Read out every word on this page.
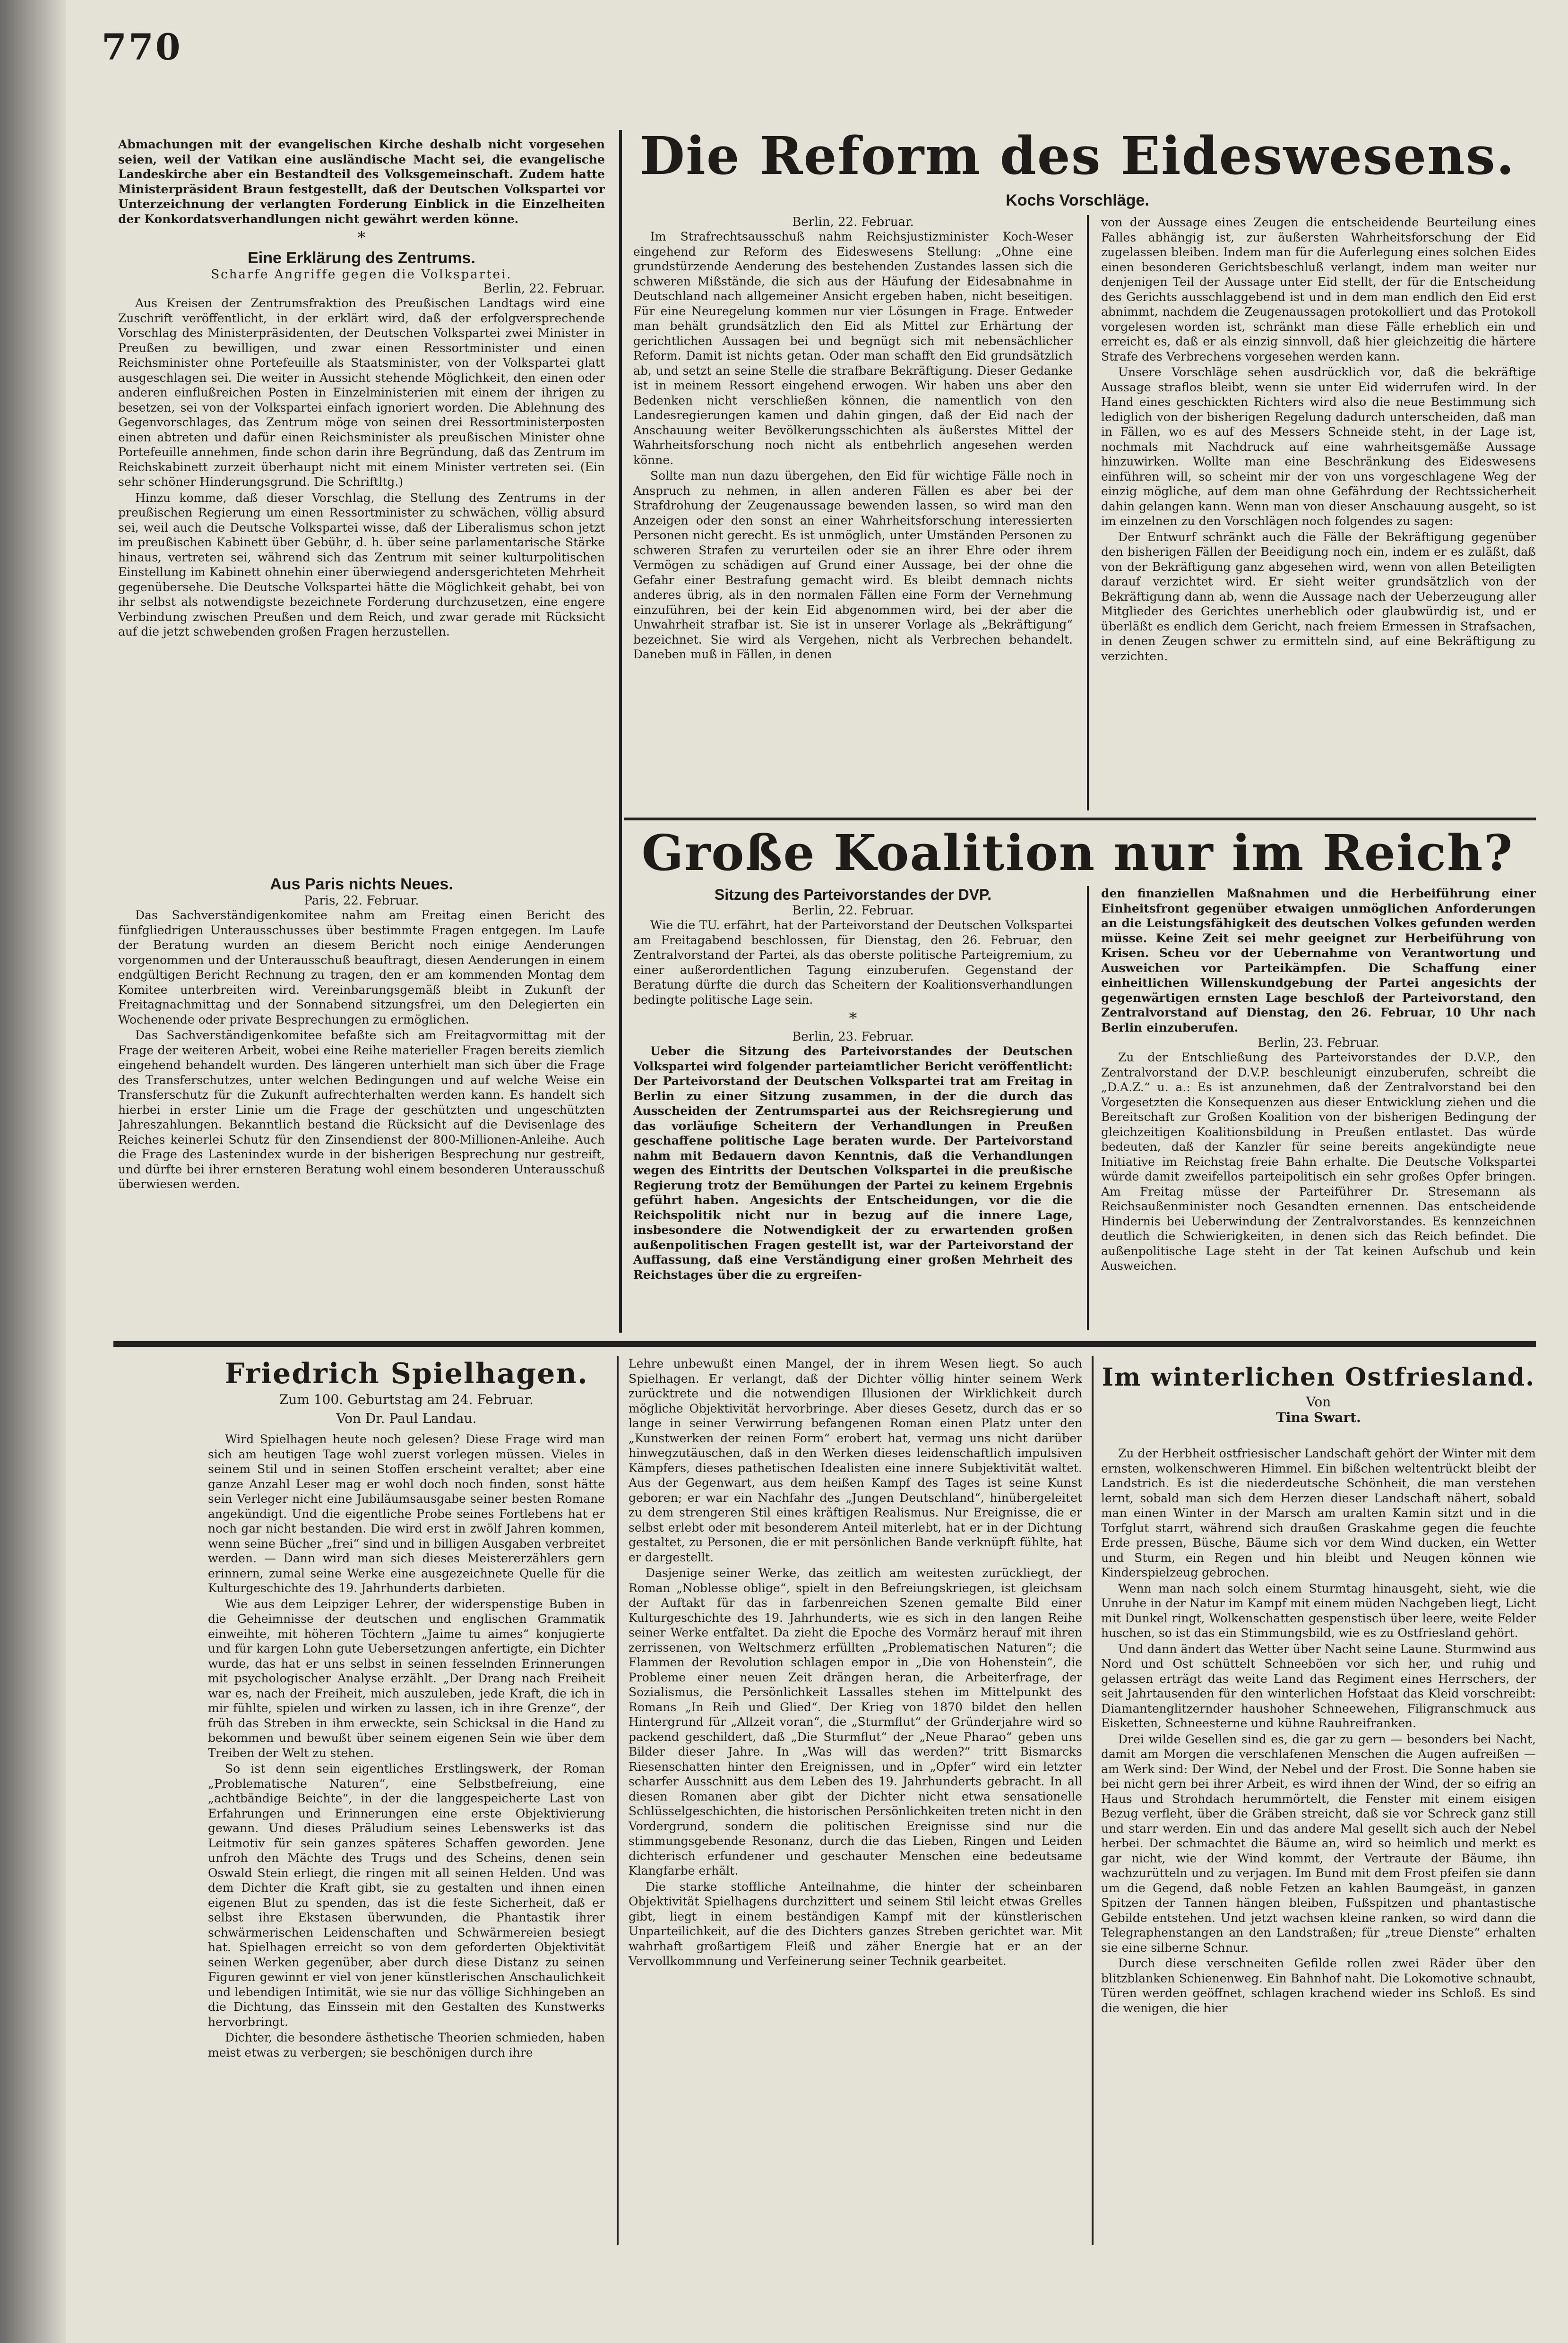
770

Abmachungen mit der evangelischen Kirche deshalb nicht vorgesehen seien, weil der Vatikan eine ausländische Macht sei, die evangelische Landeskirche aber ein Bestandteil des Volksgemeinschaft. Zudem hatte Ministerpräsident Braun festgestellt, daß der Deutschen Volkspartei vor Unterzeichnung der verlangten Forderung Einblick in die Einzelheiten der Konkordatsverhandlungen nicht gewährt werden könne.

*
Eine Erklärung des Zentrums.
Scharfe Angriffe gegen die Volkspartei.
Berlin, 22. Februar.

Aus Kreisen der Zentrumsfraktion des Preußischen Landtags wird eine Zuschrift veröffentlicht, in der erklärt wird, daß der erfolgversprechende Vorschlag des Ministerpräsidenten, der Deutschen Volkspartei zwei Minister in Preußen zu bewilligen, und zwar einen Ressortminister und einen Reichsminister ohne Portefeuille als Staatsminister, von der Volkspartei glatt ausgeschlagen sei. Die weiter in Aussicht stehende Möglichkeit, den einen oder anderen einflußreichen Posten in Einzelministerien mit einem der ihrigen zu besetzen, sei von der Volkspartei einfach ignoriert worden. Die Ablehnung des Gegenvorschlages, das Zentrum möge von seinen drei Ressortministerposten einen abtreten und dafür einen Reichsminister als preußischen Minister ohne Portefeuille annehmen, finde schon darin ihre Begründung, daß das Zentrum im Reichskabinett zurzeit überhaupt nicht mit einem Minister vertreten sei. (Ein sehr schöner Hinderungsgrund. Die Schriftltg.)

Hinzu komme, daß dieser Vorschlag, die Stellung des Zentrums in der preußischen Regierung um einen Ressortminister zu schwächen, völlig absurd sei, weil auch die Deutsche Volkspartei wisse, daß der Liberalismus schon jetzt im preußischen Kabinett über Gebühr, d. h. über seine parlamentarische Stärke hinaus, vertreten sei, während sich das Zentrum mit seiner kulturpolitischen Einstellung im Kabinett ohnehin einer überwiegend andersgerichteten Mehrheit gegenübersehe. Die Deutsche Volkspartei hätte die Möglichkeit gehabt, bei von ihr selbst als notwendigste bezeichnete Forderung durchzusetzen, eine engere Verbindung zwischen Preußen und dem Reich, und zwar gerade mit Rücksicht auf die jetzt schwebenden großen Fragen herzustellen.

Aus Paris nichts Neues.
Paris, 22. Februar.

Das Sachverständigenkomitee nahm am Freitag einen Bericht des fünfgliedrigen Unterausschusses über bestimmte Fragen entgegen. Im Laufe der Beratung wurden an diesem Bericht noch einige Aenderungen vorgenommen und der Unterausschuß beauftragt, diesen Aenderungen in einem endgültigen Bericht Rechnung zu tragen, den er am kommenden Montag dem Komitee unterbreiten wird. Vereinbarungsgemäß bleibt in Zukunft der Freitagnachmittag und der Sonnabend sitzungsfrei, um den Delegierten ein Wochenende oder private Besprechungen zu ermöglichen.

Das Sachverständigenkomitee befaßte sich am Freitagvormittag mit der Frage der weiteren Arbeit, wobei eine Reihe materieller Fragen bereits ziemlich eingehend behandelt wurden. Des längeren unterhielt man sich über die Frage des Transferschutzes, unter welchen Bedingungen und auf welche Weise ein Transferschutz für die Zukunft aufrechterhalten werden kann. Es handelt sich hierbei in erster Linie um die Frage der geschützten und ungeschützten Jahreszahlungen. Bekanntlich bestand die Rücksicht auf die Devisenlage des Reiches keinerlei Schutz für den Zinsendienst der 800-Millionen-Anleihe. Auch die Frage des Lastenindex wurde in der bisherigen Besprechung nur gestreift, und dürfte bei ihrer ernsteren Beratung wohl einem besonderen Unterausschuß überwiesen werden.

Die Reform des Eideswesens.
Kochs Vorschläge.
Berlin, 22. Februar.

Im Strafrechtsausschuß nahm Reichsjustizminister Koch-Weser eingehend zur Reform des Eideswesens Stellung: „Ohne eine grundstürzende Aenderung des bestehenden Zustandes lassen sich die schweren Mißstände, die sich aus der Häufung der Eidesabnahme in Deutschland nach allgemeiner Ansicht ergeben haben, nicht beseitigen. Für eine Neuregelung kommen nur vier Lösungen in Frage. Entweder man behält grundsätzlich den Eid als Mittel zur Erhärtung der gerichtlichen Aussagen bei und begnügt sich mit nebensächlicher Reform. Damit ist nichts getan. Oder man schafft den Eid grundsätzlich ab, und setzt an seine Stelle die strafbare Bekräftigung. Dieser Gedanke ist in meinem Ressort eingehend erwogen. Wir haben uns aber den Bedenken nicht verschließen können, die namentlich von den Landesregierungen kamen und dahin gingen, daß der Eid nach der Anschauung weiter Bevölkerungsschichten als äußerstes Mittel der Wahrheitsforschung noch nicht als entbehrlich angesehen werden könne.

Sollte man nun dazu übergehen, den Eid für wichtige Fälle noch in Anspruch zu nehmen, in allen anderen Fällen es aber bei der Strafdrohung der Zeugenaussage bewenden lassen, so wird man den Anzeigen oder den sonst an einer Wahrheitsforschung interessierten Personen nicht gerecht. Es ist unmöglich, unter Umständen Personen zu schweren Strafen zu verurteilen oder sie an ihrer Ehre oder ihrem Vermögen zu schädigen auf Grund einer Aussage, bei der ohne die Gefahr einer Bestrafung gemacht wird. Es bleibt demnach nichts anderes übrig, als in den normalen Fällen eine Form der Vernehmung einzuführen, bei der kein Eid abgenommen wird, bei der aber die Unwahrheit strafbar ist. Sie ist in unserer Vorlage als „Bekräftigung“ bezeichnet. Sie wird als Vergehen, nicht als Verbrechen behandelt. Daneben muß in Fällen, in denen

von der Aussage eines Zeugen die entscheidende Beurteilung eines Falles abhängig ist, zur äußersten Wahrheitsforschung der Eid zugelassen bleiben. Indem man für die Auferlegung eines solchen Eides einen besonderen Gerichtsbeschluß verlangt, indem man weiter nur denjenigen Teil der Aussage unter Eid stellt, der für die Entscheidung des Gerichts ausschlaggebend ist und in dem man endlich den Eid erst abnimmt, nachdem die Zeugenaussagen protokolliert und das Protokoll vorgelesen worden ist, schränkt man diese Fälle erheblich ein und erreicht es, daß er als einzig sinnvoll, daß hier gleichzeitig die härtere Strafe des Verbrechens vorgesehen werden kann.

Unsere Vorschläge sehen ausdrücklich vor, daß die bekräftige Aussage straflos bleibt, wenn sie unter Eid widerrufen wird. In der Hand eines geschickten Richters wird also die neue Bestimmung sich lediglich von der bisherigen Regelung dadurch unterscheiden, daß man in Fällen, wo es auf des Messers Schneide steht, in der Lage ist, nochmals mit Nachdruck auf eine wahrheitsgemäße Aussage hinzuwirken. Wollte man eine Beschränkung des Eideswesens einführen will, so scheint mir der von uns vorgeschlagene Weg der einzig mögliche, auf dem man ohne Gefährdung der Rechtssicherheit dahin gelangen kann. Wenn man von dieser Anschauung ausgeht, so ist im einzelnen zu den Vorschlägen noch folgendes zu sagen:

Der Entwurf schränkt auch die Fälle der Bekräftigung gegenüber den bisherigen Fällen der Beeidigung noch ein, indem er es zuläßt, daß von der Bekräftigung ganz abgesehen wird, wenn von allen Beteiligten darauf verzichtet wird. Er sieht weiter grundsätzlich von der Bekräftigung dann ab, wenn die Aussage nach der Ueberzeugung aller Mitglieder des Gerichtes unerheblich oder glaubwürdig ist, und er überläßt es endlich dem Gericht, nach freiem Ermessen in Strafsachen, in denen Zeugen schwer zu ermitteln sind, auf eine Bekräftigung zu verzichten.

Große Koalition nur im Reich?
Sitzung des Parteivorstandes der DVP.
Berlin, 22. Februar.

Wie die TU. erfährt, hat der Parteivorstand der Deutschen Volkspartei am Freitagabend beschlossen, für Dienstag, den 26. Februar, den Zentralvorstand der Partei, als das oberste politische Parteigremium, zu einer außerordentlichen Tagung einzuberufen. Gegenstand der Beratung dürfte die durch das Scheitern der Koalitionsverhandlungen bedingte politische Lage sein.

*
Berlin, 23. Februar.

Ueber die Sitzung des Parteivorstandes der Deutschen Volkspartei wird folgender parteiamtlicher Bericht veröffentlicht: Der Parteivorstand der Deutschen Volkspartei trat am Freitag in Berlin zu einer Sitzung zusammen, in der die durch das Ausscheiden der Zentrumspartei aus der Reichsregierung und das vorläufige Scheitern der Verhandlungen in Preußen geschaffene politische Lage beraten wurde. Der Parteivorstand nahm mit Bedauern davon Kenntnis, daß die Verhandlungen wegen des Eintritts der Deutschen Volkspartei in die preußische Regierung trotz der Bemühungen der Partei zu keinem Ergebnis geführt haben. Angesichts der Entscheidungen, vor die die Reichspolitik nicht nur in bezug auf die innere Lage, insbesondere die Notwendigkeit der zu erwartenden großen außenpolitischen Fragen gestellt ist, war der Parteivorstand der Auffassung, daß eine Verständigung einer großen Mehrheit des Reichstages über die zu ergreifen-

den finanziellen Maßnahmen und die Herbeiführung einer Einheitsfront gegenüber etwaigen unmöglichen Anforderungen an die Leistungsfähigkeit des deutschen Volkes gefunden werden müsse. Keine Zeit sei mehr geeignet zur Herbeiführung von Krisen. Scheu vor der Uebernahme von Verantwortung und Ausweichen vor Parteikämpfen. Die Schaffung einer einheitlichen Willenskundgebung der Partei angesichts der gegenwärtigen ernsten Lage beschloß der Parteivorstand, den Zentralvorstand auf Dienstag, den 26. Februar, 10 Uhr nach Berlin einzuberufen.

Berlin, 23. Februar.

Zu der Entschließung des Parteivorstandes der D.V.P., den Zentralvorstand der D.V.P. beschleunigt einzuberufen, schreibt die „D.A.Z.“ u. a.: Es ist anzunehmen, daß der Zentralvorstand bei den Vorgesetzten die Konsequenzen aus dieser Entwicklung ziehen und die Bereitschaft zur Großen Koalition von der bisherigen Bedingung der gleichzeitigen Koalitionsbildung in Preußen entlastet. Das würde bedeuten, daß der Kanzler für seine bereits angekündigte neue Initiative im Reichstag freie Bahn erhalte. Die Deutsche Volkspartei würde damit zweifellos parteipolitisch ein sehr großes Opfer bringen. Am Freitag müsse der Parteiführer Dr. Stresemann als Reichsaußenminister noch Gesandten ernennen. Das entscheidende Hindernis bei Ueberwindung der Zentralvorstandes. Es kennzeichnen deutlich die Schwierigkeiten, in denen sich das Reich befindet. Die außenpolitische Lage steht in der Tat keinen Aufschub und kein Ausweichen.

Friedrich Spielhagen.
Zum 100. Geburtstag am 24. Februar.
Von Dr. Paul Landau.

Wird Spielhagen heute noch gelesen? Diese Frage wird man sich am heutigen Tage wohl zuerst vorlegen müssen. Vieles in seinem Stil und in seinen Stoffen erscheint veraltet; aber eine ganze Anzahl Leser mag er wohl doch noch finden, sonst hätte sein Verleger nicht eine Jubiläumsausgabe seiner besten Romane angekündigt. Und die eigentliche Probe seines Fortlebens hat er noch gar nicht bestanden. Die wird erst in zwölf Jahren kommen, wenn seine Bücher „frei“ sind und in billigen Ausgaben verbreitet werden. — Dann wird man sich dieses Meistererzählers gern erinnern, zumal seine Werke eine ausgezeichnete Quelle für die Kulturgeschichte des 19. Jahrhunderts darbieten.

Wie aus dem Leipziger Lehrer, der widerspenstige Buben in die Geheimnisse der deutschen und englischen Grammatik einweihte, mit höheren Töchtern „Jaime tu aimes“ konjugierte und für kargen Lohn gute Uebersetzungen anfertigte, ein Dichter wurde, das hat er uns selbst in seinen fesselnden Erinnerungen mit psychologischer Analyse erzählt. „Der Drang nach Freiheit war es, nach der Freiheit, mich auszuleben, jede Kraft, die ich in mir fühlte, spielen und wirken zu lassen, ich in ihre Grenze“, der früh das Streben in ihm erweckte, sein Schicksal in die Hand zu bekommen und bewußt über seinem eigenen Sein wie über dem Treiben der Welt zu stehen.

So ist denn sein eigentliches Erstlingswerk, der Roman „Problematische Naturen“, eine Selbstbefreiung, eine „achtbändige Beichte“, in der die langgespeicherte Last von Erfahrungen und Erinnerungen eine erste Objektivierung gewann. Und dieses Präludium seines Lebenswerks ist das Leitmotiv für sein ganzes späteres Schaffen geworden. Jene unfroh den Mächte des Trugs und des Scheins, denen sein Oswald Stein erliegt, die ringen mit all seinen Helden. Und was dem Dichter die Kraft gibt, sie zu gestalten und ihnen einen eigenen Blut zu spenden, das ist die feste Sicherheit, daß er selbst ihre Ekstasen überwunden, die Phantastik ihrer schwärmerischen Leidenschaften und Schwärmereien besiegt hat. Spielhagen erreicht so von dem geforderten Objektivität seinen Werken gegenüber, aber durch diese Distanz zu seinen Figuren gewinnt er viel von jener künstlerischen Anschaulichkeit und lebendigen Intimität, wie sie nur das völlige Sichhingeben an die Dichtung, das Einssein mit den Gestalten des Kunstwerks hervorbringt.

Dichter, die besondere ästhetische Theorien schmieden, haben meist etwas zu verbergen; sie beschönigen durch ihre

Lehre unbewußt einen Mangel, der in ihrem Wesen liegt. So auch Spielhagen. Er verlangt, daß der Dichter völlig hinter seinem Werk zurücktrete und die notwendigen Illusionen der Wirklichkeit durch mögliche Objektivität hervorbringe. Aber dieses Gesetz, durch das er so lange in seiner Verwirrung befangenen Roman einen Platz unter den „Kunstwerken der reinen Form“ erobert hat, vermag uns nicht darüber hinwegzutäuschen, daß in den Werken dieses leidenschaftlich impulsiven Kämpfers, dieses pathetischen Idealisten eine innere Subjektivität waltet. Aus der Gegenwart, aus dem heißen Kampf des Tages ist seine Kunst geboren; er war ein Nachfahr des „Jungen Deutschland“, hinübergeleitet zu dem strengeren Stil eines kräftigen Realismus. Nur Ereignisse, die er selbst erlebt oder mit besonderem Anteil miterlebt, hat er in der Dichtung gestaltet, zu Personen, die er mit persönlichen Bande verknüpft fühlte, hat er dargestellt.

Dasjenige seiner Werke, das zeitlich am weitesten zurückliegt, der Roman „Noblesse oblige“, spielt in den Befreiungskriegen, ist gleichsam der Auftakt für das in farbenreichen Szenen gemalte Bild einer Kulturgeschichte des 19. Jahrhunderts, wie es sich in den langen Reihe seiner Werke entfaltet. Da zieht die Epoche des Vormärz herauf mit ihren zerrissenen, von Weltschmerz erfüllten „Problematischen Naturen“; die Flammen der Revolution schlagen empor in „Die von Hohenstein“, die Probleme einer neuen Zeit drängen heran, die Arbeiterfrage, der Sozialismus, die Persönlichkeit Lassalles stehen im Mittelpunkt des Romans „In Reih und Glied“. Der Krieg von 1870 bildet den hellen Hintergrund für „Allzeit voran“, die „Sturmflut“ der Gründerjahre wird so packend geschildert, daß „Die Sturmflut“ der „Neue Pharao“ geben uns Bilder dieser Jahre. In „Was will das werden?“ tritt Bismarcks Riesenschatten hinter den Ereignissen, und in „Opfer“ wird ein letzter scharfer Ausschnitt aus dem Leben des 19. Jahrhunderts gebracht. In all diesen Romanen aber gibt der Dichter nicht etwa sensationelle Schlüsselgeschichten, die historischen Persönlichkeiten treten nicht in den Vordergrund, sondern die politischen Ereignisse sind nur die stimmungsgebende Resonanz, durch die das Lieben, Ringen und Leiden dichterisch erfundener und geschauter Menschen eine bedeutsame Klangfarbe erhält.

Die starke stoffliche Anteilnahme, die hinter der scheinbaren Objektivität Spielhagens durchzittert und seinem Stil leicht etwas Grelles gibt, liegt in einem beständigen Kampf mit der künstlerischen Unparteilichkeit, auf die des Dichters ganzes Streben gerichtet war. Mit wahrhaft großartigem Fleiß und zäher Energie hat er an der Vervollkommnung und Verfeinerung seiner Technik gearbeitet.

Im winterlichen Ostfriesland.
Von
Tina Swart.

Zu der Herbheit ostfriesischer Landschaft gehört der Winter mit dem ernsten, wolkenschweren Himmel. Ein bißchen weltentrückt bleibt der Landstrich. Es ist die niederdeutsche Schönheit, die man verstehen lernt, sobald man sich dem Herzen dieser Landschaft nähert, sobald man einen Winter in der Marsch am uralten Kamin sitzt und in die Torfglut starrt, während sich draußen Graskahme gegen die feuchte Erde pressen, Büsche, Bäume sich vor dem Wind ducken, ein Wetter und Sturm, ein Regen und hin bleibt und Neugen können wie Kinderspielzeug gebrochen.

Wenn man nach solch einem Sturmtag hinausgeht, sieht, wie die Unruhe in der Natur im Kampf mit einem müden Nachgeben liegt, Licht mit Dunkel ringt, Wolkenschatten gespenstisch über leere, weite Felder huschen, so ist das ein Stimmungsbild, wie es zu Ostfriesland gehört.

Und dann ändert das Wetter über Nacht seine Laune. Sturmwind aus Nord und Ost schüttelt Schneeböen vor sich her, und ruhig und gelassen erträgt das weite Land das Regiment eines Herrschers, der seit Jahrtausenden für den winterlichen Hofstaat das Kleid vorschreibt: Diamantenglitzernder haushoher Schneewehen, Filigranschmuck aus Eisketten, Schneesterne und kühne Rauhreifranken.

Drei wilde Gesellen sind es, die gar zu gern — besonders bei Nacht, damit am Morgen die verschlafenen Menschen die Augen aufreißen — am Werk sind: Der Wind, der Nebel und der Frost. Die Sonne haben sie bei nicht gern bei ihrer Arbeit, es wird ihnen der Wind, der so eifrig an Haus und Strohdach herummörtelt, die Fenster mit einem eisigen Bezug verfleht, über die Gräben streicht, daß sie vor Schreck ganz still und starr werden. Ein und das andere Mal gesellt sich auch der Nebel herbei. Der schmachtet die Bäume an, wird so heimlich und merkt es gar nicht, wie der Wind kommt, der Vertraute der Bäume, ihn wachzurütteln und zu verjagen. Im Bund mit dem Frost pfeifen sie dann um die Gegend, daß noble Fetzen an kahlen Baumgeäst, in ganzen Spitzen der Tannen hängen bleiben, Fußspitzen und phantastische Gebilde entstehen. Und jetzt wachsen kleine ranken, so wird dann die Telegraphenstangen an den Landstraßen; für „treue Dienste“ erhalten sie eine silberne Schnur.

Durch diese verschneiten Gefilde rollen zwei Räder über den blitzblanken Schienenweg. Ein Bahnhof naht. Die Lokomotive schnaubt, Türen werden geöffnet, schlagen krachend wieder ins Schloß. Es sind die wenigen, die hier
